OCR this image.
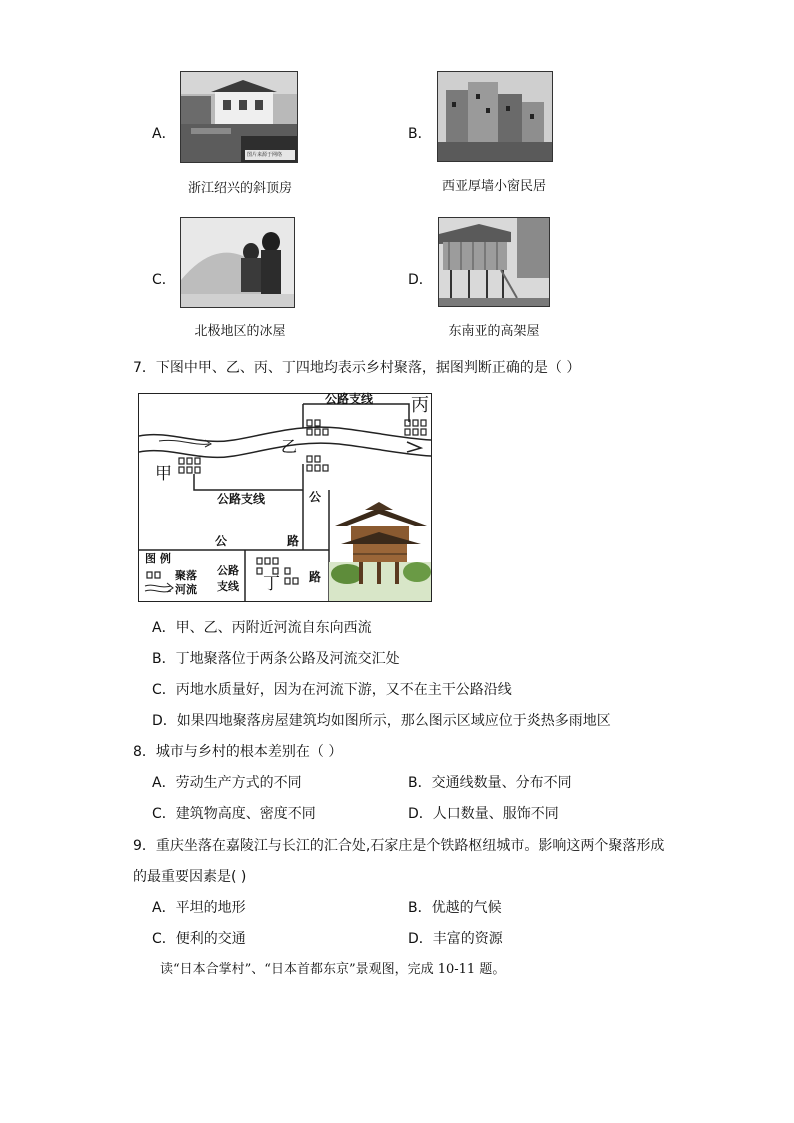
A．
图片来源于网络
浙江绍兴的斜顶房
B．
西亚厚墙小窗民居
C．
北极地区的冰屋
D．
东南亚的高架屋
7．下图中甲、乙、丙、丁四地均表示乡村聚落，据图判断正确的是（ ）
甲
乙
丙
丁
公路支线
公路支线	公
公	路
路
图 例
聚落
河流
公路
支线
A．甲、乙、丙附近河流自东向西流
B．丁地聚落位于两条公路及河流交汇处
C．丙地水质量好，因为在河流下游，又不在主干公路沿线
D．如果四地聚落房屋建筑均如图所示，那么图示区域应位于炎热多雨地区
8．城市与乡村的根本差别在（ ）
A．劳动生产方式的不同	B．交通线数量、分布不同
C．建筑物高度、密度不同	D．人口数量、服饰不同
9．重庆坐落在嘉陵江与长江的汇合处,石家庄是个铁路枢纽城市。影响这两个聚落形成
的最重要因素是( )
A．平坦的地形	B．优越的气候
C．便利的交通	D．丰富的资源
读“日本合掌村”、“日本首都东京”景观图，完成 10-11 题。
